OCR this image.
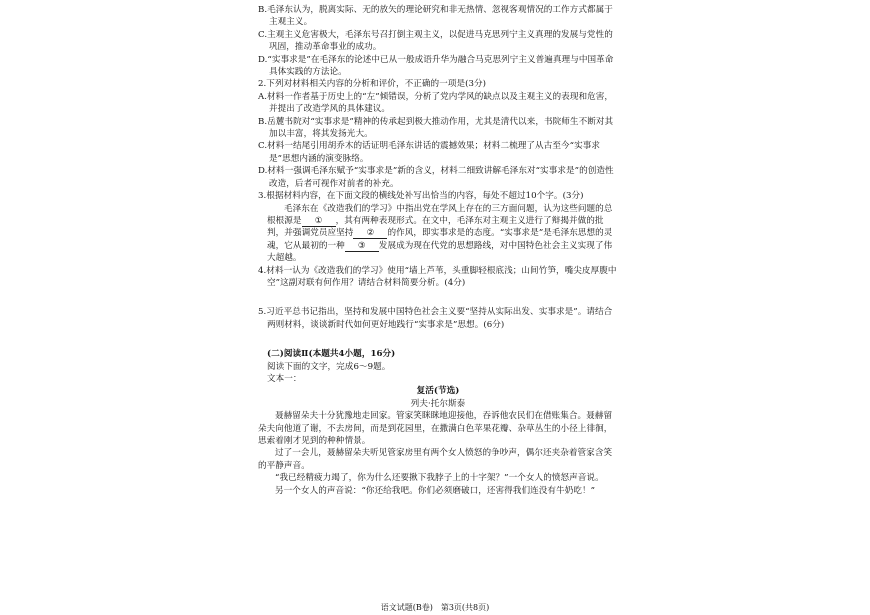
B.毛泽东认为，脱离实际、无的放矢的理论研究和非无热情、忽视客观情况的工作方式都属于主观主义。

C.主观主义危害极大，毛泽东号召打倒主观主义，以促进马克思列宁主义真理的发展与党性的巩固，推动革命事业的成功。

D.“实事求是”在毛泽东的论述中已从一般成语升华为融合马克思列宁主义普遍真理与中国革命具体实践的方法论。

2.下列对材料相关内容的分析和评价，不正确的一项是(3分)

A.材料一作者基于历史上的“左”倾错误，分析了党内学风的缺点以及主观主义的表现和危害，并提出了改造学风的具体建议。

B.岳麓书院对“实事求是”精神的传承起到极大推动作用，尤其是清代以来，书院师生不断对其加以丰富，将其发扬光大。

C.材料一结尾引用胡乔木的话证明毛泽东讲话的震撼效果；材料二梳理了从古至今“实事求是”思想内涵的演变脉络。

D.材料一强调毛泽东赋予“实事求是”新的含义，材料二细致讲解毛泽东对“实事求是”的创造性改造，后者可视作对前者的补充。

3.根据材料内容，在下面文段的横线处补写出恰当的内容，每处不超过10个字。(3分)

毛泽东在《改造我们的学习》中指出党在学风上存在的三方面问题，认为这些问题的总根根源是 ① ，其有两种表现形式。在文中，毛泽东对主观主义进行了辩揭并做的批判，并强调党员应坚持 ② 的作风，即实事求是的态度。“实事求是”是毛泽东思想的灵魂，它从最初的一种 ③ 发展成为现在代党的思想路线，对中国特色社会主义实现了伟大超越。

4.材料一认为《改造我们的学习》使用“墙上芦苇，头重脚轻根底浅；山间竹笋，嘴尖皮厚腹中空”这副对联有何作用？请结合材料简要分析。(4分)

5.习近平总书记指出，坚持和发展中国特色社会主义要“坚持从实际出发、实事求是”。请结合两则材料，谈谈新时代如何更好地践行“实事求是”思想。(6分)

(二)阅读Ⅱ(本题共4小题，16分)

阅读下面的文字，完成6～9题。

文本一：

复活(节选)

列夫·托尔斯泰

聂赫留朵夫十分犹豫地走回家。管家笑眯眯地迎接他，吞诉他农民们在借账集合。聂赫留朵夫向他道了谢，不去房间，而是到花园里，在撒满白色苹果花瓣、杂草丛生的小径上徘徊，思索着刚才见到的种种情景。

过了一会儿，聂赫留朵夫听见管家房里有两个女人愤怒的争吵声，偶尔还夹杂着管家含笑的平静声音。

“我已经精疲力竭了，你为什么还要揪下我脖子上的十字架？”一个女人的愤怒声音说。

另一个女人的声音说：“你还给我吧。你们必须磨破口，还害得我们连没有牛奶吃！”

语文试题(B卷)　第3页(共8页)
